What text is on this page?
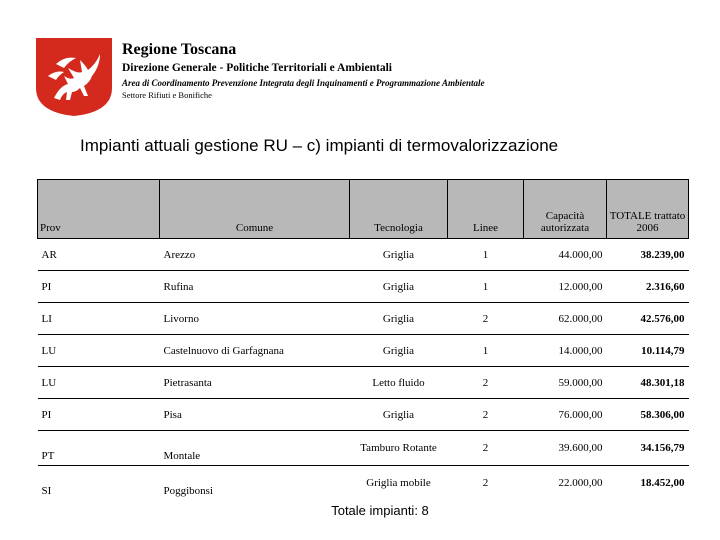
Regione Toscana
Direzione Generale - Politiche Territoriali e Ambientali
Area di Coordinamento Prevenzione Integrata degli Inquinamenti e Programmazione Ambientale
Settore Rifiuti e Bonifiche
Impianti attuali gestione RU – c) impianti di termovalorizzazione
Prov	Comune	Tecnologia	Linee	Capacità autorizzata	TOTALE trattato 2006
AR	Arezzo	Griglia	1	44.000,00	38.239,00
PI	Rufina	Griglia	1	12.000,00	2.316,60
LI	Livorno	Griglia	2	62.000,00	42.576,00
LU	Castelnuovo di Garfagnana	Griglia	1	14.000,00	10.114,79
LU	Pietrasanta	Letto fluido	2	59.000,00	48.301,18
PI	Pisa	Griglia	2	76.000,00	58.306,00
PT	Montale	Tamburo Rotante	2	39.600,00	34.156,79
SI	Poggibonsi	Griglia mobile	2	22.000,00	18.452,00
Totale impianti: 8
